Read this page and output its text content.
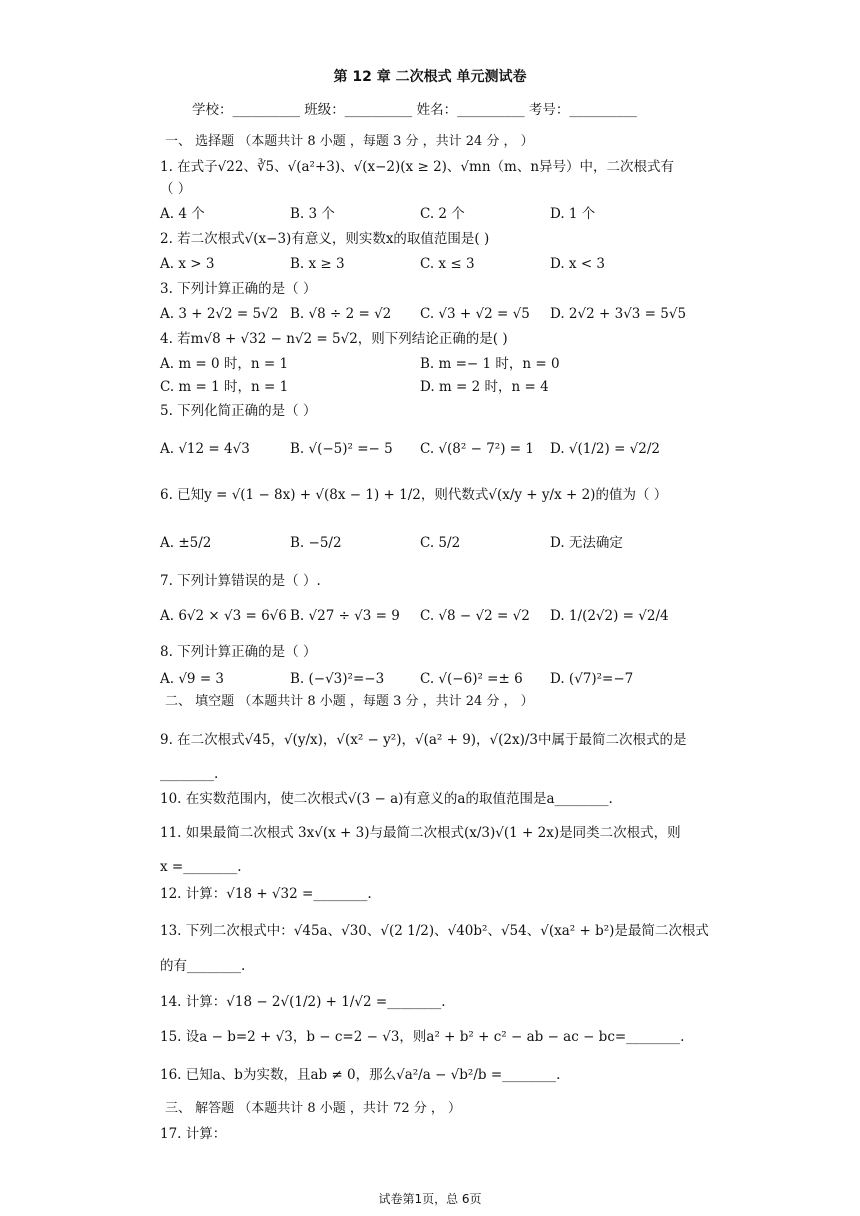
第 12 章 二次根式 单元测试卷
学校：__________ 班级：__________ 姓名：__________ 考号：__________
一、 选择题 （本题共计 8 小题 ，每题 3 分 ，共计 24 分 ， ）
1. 在式子√22、∛5、√(a²+3)、√(x−2)(x ≥ 2)、√mn（m、n异号）中，二次根式有
（ ）
A. 4 个	B. 3 个	C. 2 个	D. 1 个
2. 若二次根式√(x−3)有意义，则实数x的取值范围是( )
A. x > 3	B. x ≥ 3	C. x ≤ 3	D. x < 3
3. 下列计算正确的是（ ）
A. 3 + 2√2 = 5√2 B. √8 ÷ 2 = √2 C. √3 + √2 = √5 D. 2√2 + 3√3 = 5√5
4. 若m√8 + √32 − n√2 = 5√2，则下列结论正确的是( )
A. m = 0 时，n = 1	B. m =− 1 时，n = 0
C. m = 1 时，n = 1	D. m = 2 时，n = 4
5. 下列化简正确的是（ ）
A. √12 = 4√3	B. √(−5)² =− 5 C. √(8² − 7²) = 1 D. √(1/2) = √2/2
6. 已知y = √(1 − 8x) + √(8x − 1) + 1/2，则代数式√(x/y + y/x + 2)的值为（ ）
A. ±5/2	B. −5/2	C. 5/2	D. 无法确定
7. 下列计算错误的是（ ）.
A. 6√2 × √3 = 6√6 B. √27 ÷ √3 = 9 C. √8 − √2 = √2 D. 1/(2√2) = √2/4
8. 下列计算正确的是（ ）
A. √9 = 3	B. (−√3)²=−3	C. √(−6)² =± 6 D. (√7)²=−7
二、 填空题 （本题共计 8 小题 ，每题 3 分 ，共计 24 分 ， ）
9. 在二次根式√45，√(y/x)，√(x² − y²)，√(a² + 9)，√(2x)/3中属于最简二次根式的是
________.
10. 在实数范围内，使二次根式√(3 − a)有意义的a的取值范围是a________.
11. 如果最简二次根式 3x√(x + 3)与最简二次根式(x/3)√(1 + 2x)是同类二次根式，则
x =________.
12. 计算：√18 + √32 =________.
13. 下列二次根式中：√45a、√30、√(2 1/2)、√40b²、√54、√(xa² + b²)是最简二次根式
的有________.
14. 计算：√18 − 2√(1/2) + 1/√2 =________.
15. 设a − b=2 + √3，b − c=2 − √3，则a² + b² + c² − ab − ac − bc=________.
16. 已知a、b为实数，且ab ≠ 0，那么√a²/a − √b²/b =________.
三、 解答题 （本题共计 8 小题 ，共计 72 分 ， ）
17. 计算：
试卷第1页，总 6页
